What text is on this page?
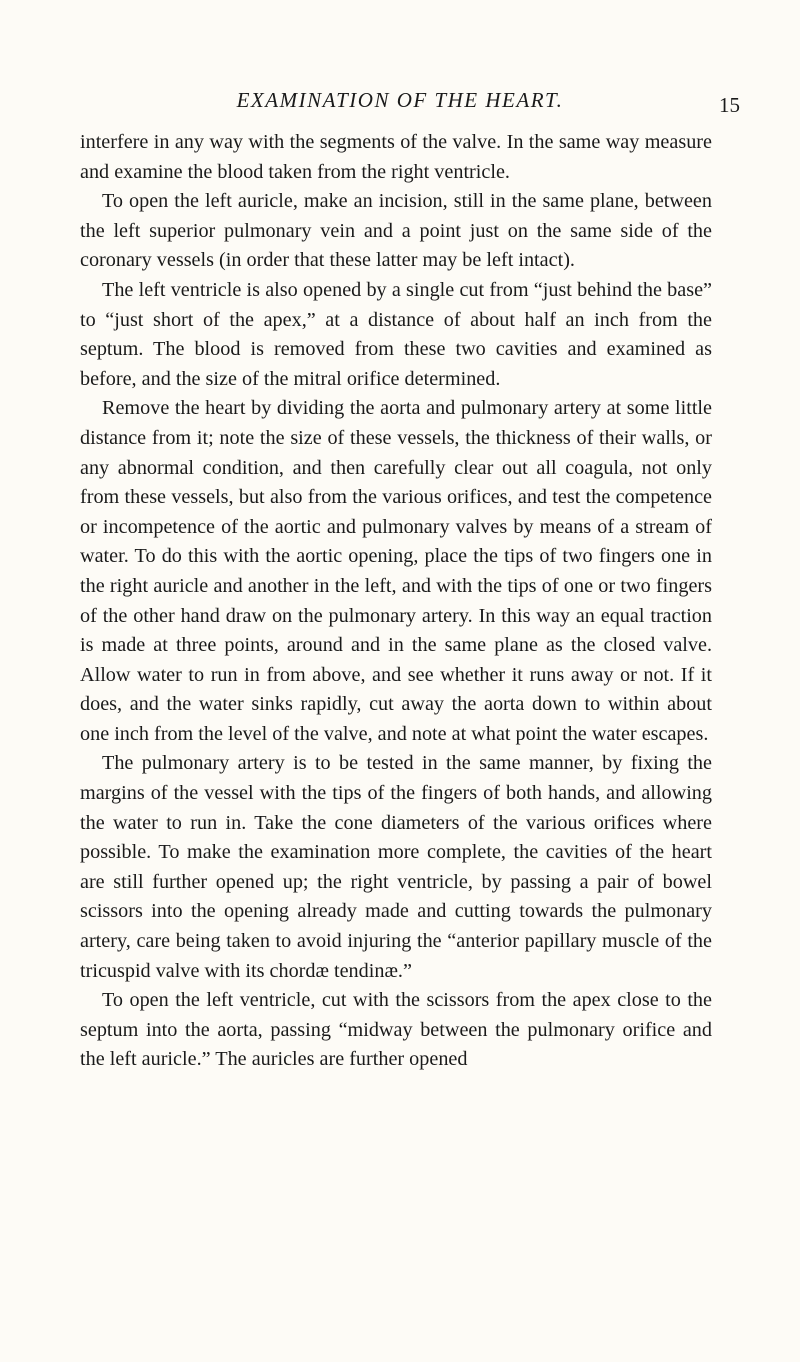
EXAMINATION OF THE HEART.	15

interfere in any way with the segments of the valve. In the same way measure and examine the blood taken from the right ventricle.

To open the left auricle, make an incision, still in the same plane, between the left superior pulmonary vein and a point just on the same side of the coronary vessels (in order that these latter may be left intact).

The left ventricle is also opened by a single cut from “just behind the base” to “just short of the apex,” at a distance of about half an inch from the septum. The blood is removed from these two cavities and examined as before, and the size of the mitral orifice determined.

Remove the heart by dividing the aorta and pulmonary artery at some little distance from it; note the size of these vessels, the thickness of their walls, or any abnormal condition, and then carefully clear out all coagula, not only from these vessels, but also from the various orifices, and test the competence or incompetence of the aortic and pulmonary valves by means of a stream of water. To do this with the aortic opening, place the tips of two fingers one in the right auricle and another in the left, and with the tips of one or two fingers of the other hand draw on the pulmonary artery. In this way an equal traction is made at three points, around and in the same plane as the closed valve. Allow water to run in from above, and see whether it runs away or not. If it does, and the water sinks rapidly, cut away the aorta down to within about one inch from the level of the valve, and note at what point the water escapes.

The pulmonary artery is to be tested in the same manner, by fixing the margins of the vessel with the tips of the fingers of both hands, and allowing the water to run in. Take the cone diameters of the various orifices where possible. To make the examination more complete, the cavities of the heart are still further opened up; the right ventricle, by passing a pair of bowel scissors into the opening already made and cutting towards the pulmonary artery, care being taken to avoid injuring the “anterior papillary muscle of the tricuspid valve with its chordæ tendinæ.”

To open the left ventricle, cut with the scissors from the apex close to the septum into the aorta, passing “midway between the pulmonary orifice and the left auricle.” The auricles are further opened
